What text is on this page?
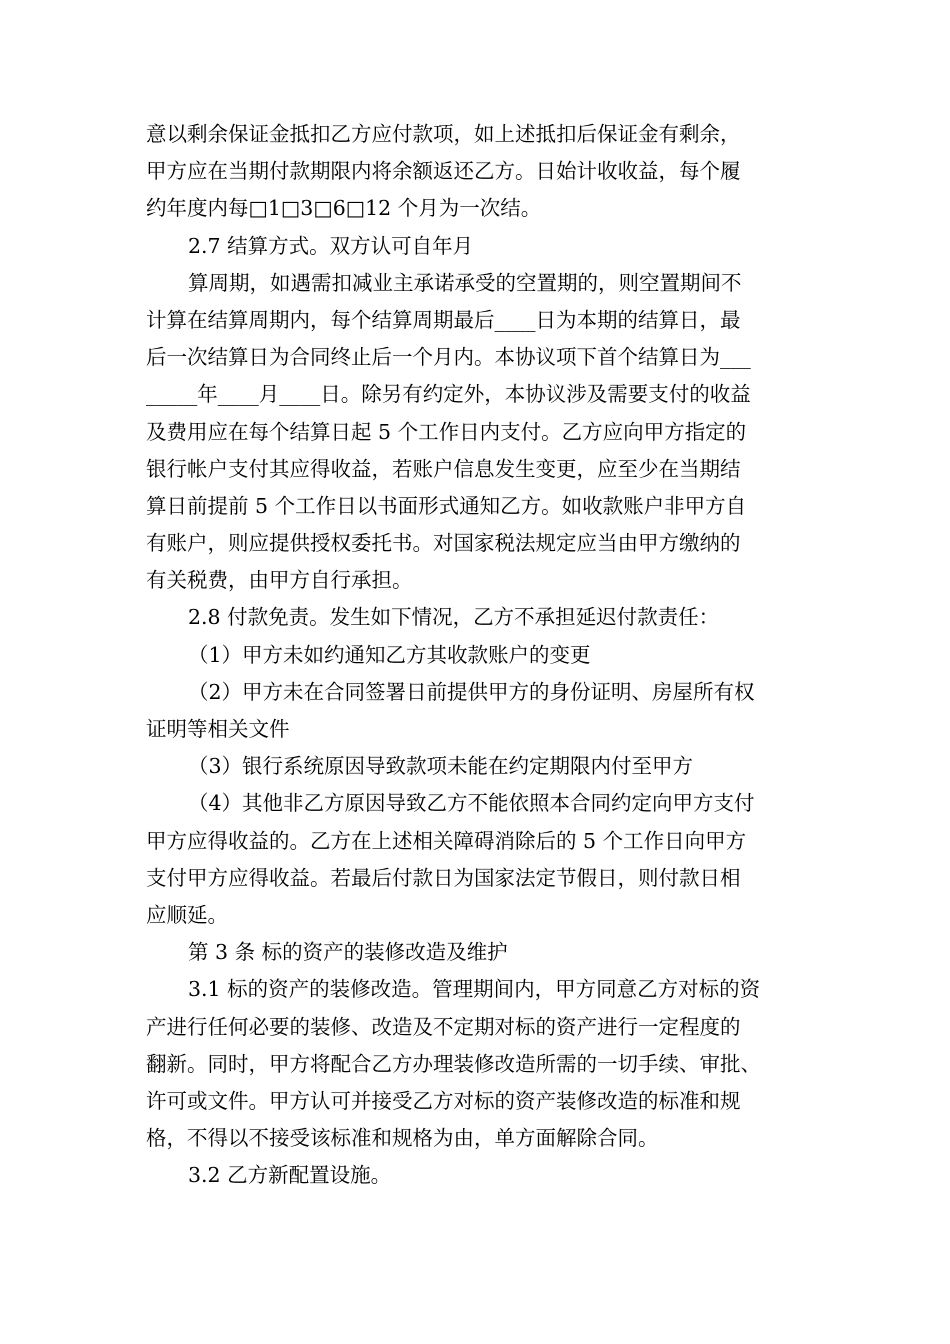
意以剩余保证金抵扣乙方应付款项，如上述抵扣后保证金有剩余，
甲方应在当期付款期限内将余额返还乙方。日始计收收益，每个履
约年度内每□1□3□6□12 个月为一次结。
2.7 结算方式。双方认可自年月
算周期，如遇需扣减业主承诺承受的空置期的，则空置期间不
计算在结算周期内，每个结算周期最后____日为本期的结算日，最
后一次结算日为合同终止后一个月内。本协议项下首个结算日为___
_____年____月____日。除另有约定外，本协议涉及需要支付的收益
及费用应在每个结算日起 5 个工作日内支付。乙方应向甲方指定的
银行帐户支付其应得收益，若账户信息发生变更，应至少在当期结
算日前提前 5 个工作日以书面形式通知乙方。如收款账户非甲方自
有账户，则应提供授权委托书。对国家税法规定应当由甲方缴纳的
有关税费，由甲方自行承担。
2.8 付款免责。发生如下情况，乙方不承担延迟付款责任：
（1）甲方未如约通知乙方其收款账户的变更
（2）甲方未在合同签署日前提供甲方的身份证明、房屋所有权
证明等相关文件
（3）银行系统原因导致款项未能在约定期限内付至甲方
（4）其他非乙方原因导致乙方不能依照本合同约定向甲方支付
甲方应得收益的。乙方在上述相关障碍消除后的 5 个工作日向甲方
支付甲方应得收益。若最后付款日为国家法定节假日，则付款日相
应顺延。
第 3 条 标的资产的装修改造及维护
3.1 标的资产的装修改造。管理期间内，甲方同意乙方对标的资
产进行任何必要的装修、改造及不定期对标的资产进行一定程度的
翻新。同时，甲方将配合乙方办理装修改造所需的一切手续、审批、
许可或文件。甲方认可并接受乙方对标的资产装修改造的标准和规
格，不得以不接受该标准和规格为由，单方面解除合同。
3.2 乙方新配置设施。
